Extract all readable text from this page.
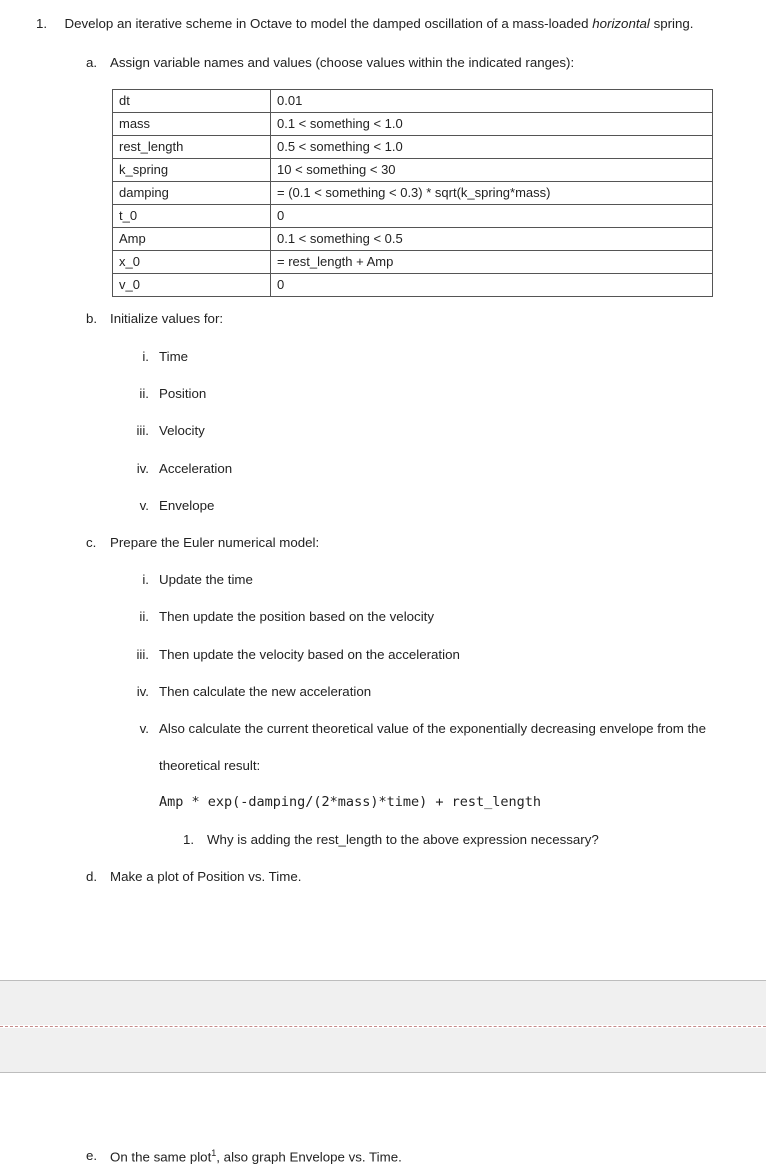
1. Develop an iterative scheme in Octave to model the damped oscillation of a mass-loaded horizontal spring.
a. Assign variable names and values (choose values within the indicated ranges):
dt	0.01
mass	0.1 < something < 1.0
rest_length	0.5 < something < 1.0
k_spring	10 < something < 30
damping	= (0.1 < something < 0.3) * sqrt(k_spring*mass)
t_0	0
Amp	0.1 < something < 0.5
x_0	= rest_length + Amp
v_0	0
b. Initialize values for:
i. Time
ii. Position
iii. Velocity
iv. Acceleration
v. Envelope
c. Prepare the Euler numerical model:
i. Update the time
ii. Then update the position based on the velocity
iii. Then update the velocity based on the acceleration
iv. Then calculate the new acceleration
v. Also calculate the current theoretical value of the exponentially decreasing envelope from the
theoretical result:
Amp * exp(-damping/(2*mass)*time) + rest_length
1. Why is adding the rest_length to the above expression necessary?
d. Make a plot of Position vs. Time.
e. On the same plot$^1$, also graph Envelope vs. Time.
